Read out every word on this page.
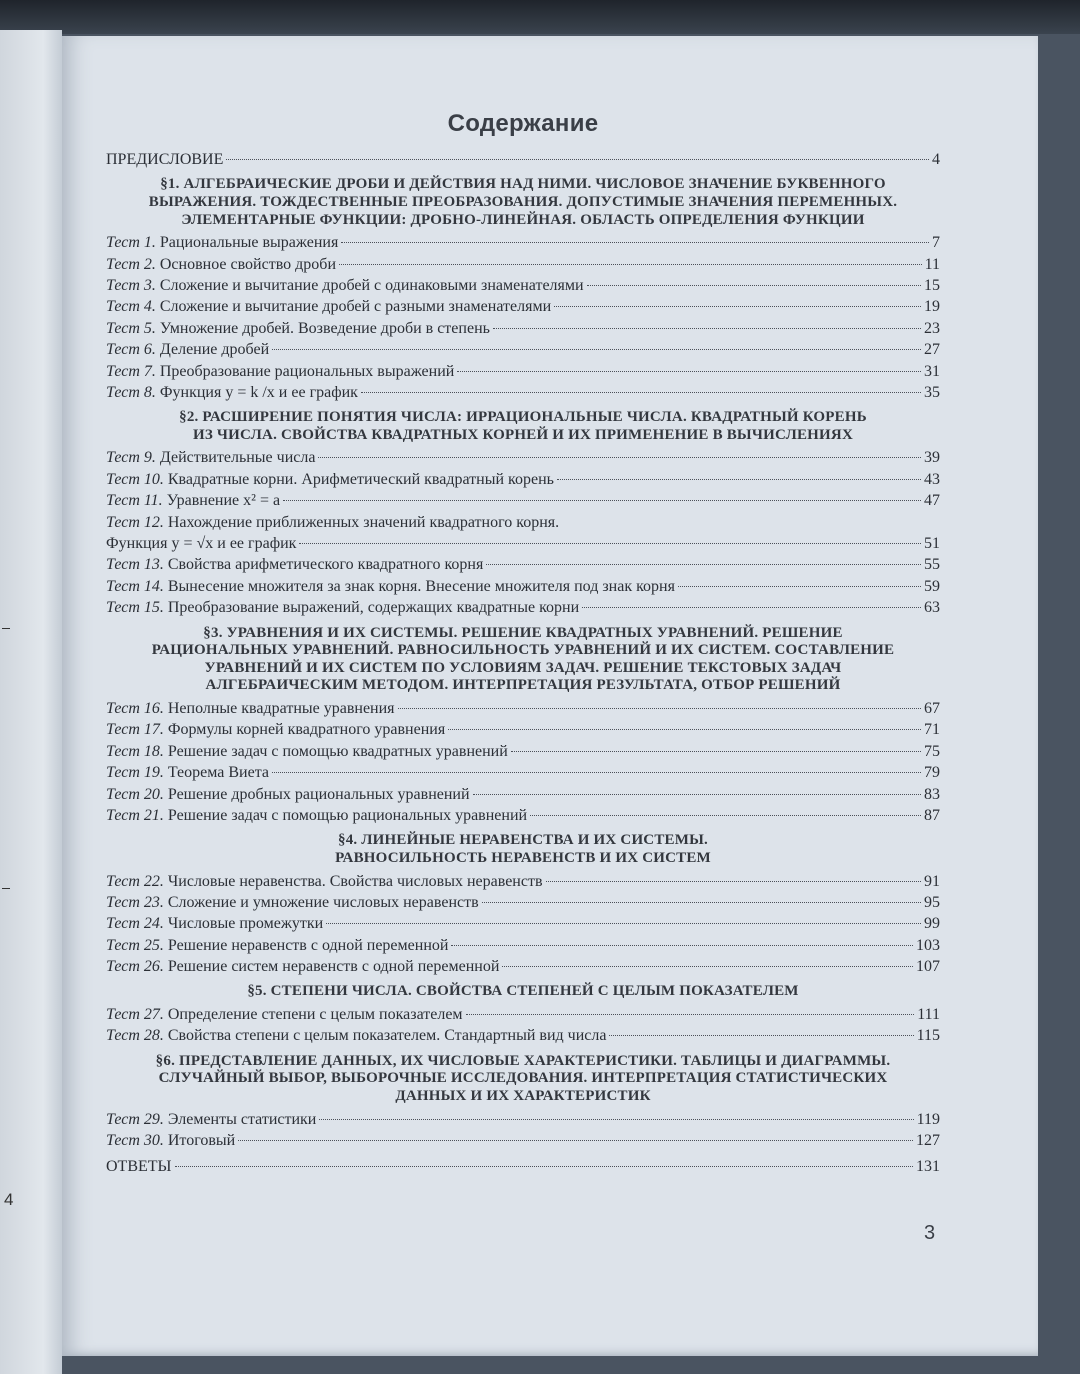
4
Содержание
ПРЕДИСЛОВИЕ	4
§1. АЛГЕБРАИЧЕСКИЕ ДРОБИ И ДЕЙСТВИЯ НАД НИМИ. ЧИСЛОВОЕ ЗНАЧЕНИЕ БУКВЕННОГО
ВЫРАЖЕНИЯ. ТОЖДЕСТВЕННЫЕ ПРЕОБРАЗОВАНИЯ. ДОПУСТИМЫЕ ЗНАЧЕНИЯ ПЕРЕМЕННЫХ.
ЭЛЕМЕНТАРНЫЕ ФУНКЦИИ: ДРОБНО-ЛИНЕЙНАЯ. ОБЛАСТЬ ОПРЕДЕЛЕНИЯ ФУНКЦИИ
Тест 1. Рациональные выражения	7
Тест 2. Основное свойство дроби	11
Тест 3. Сложение и вычитание дробей с одинаковыми знаменателями	15
Тест 4. Сложение и вычитание дробей с разными знаменателями	19
Тест 5. Умножение дробей. Возведение дроби в степень	23
Тест 6. Деление дробей	27
Тест 7. Преобразование рациональных выражений	31
Тест 8. Функция y = k /x и ее график	35
§2. РАСШИРЕНИЕ ПОНЯТИЯ ЧИСЛА: ИРРАЦИОНАЛЬНЫЕ ЧИСЛА. КВАДРАТНЫЙ КОРЕНЬ
ИЗ ЧИСЛА. СВОЙСТВА КВАДРАТНЫХ КОРНЕЙ И ИХ ПРИМЕНЕНИЕ В ВЫЧИСЛЕНИЯХ
Тест 9. Действительные числа	39
Тест 10. Квадратные корни. Арифметический квадратный корень	43
Тест 11. Уравнение x² = a	47
Тест 12. Нахождение приближенных значений квадратного корня.
Функция y = √x и ее график	51
Тест 13. Свойства арифметического квадратного корня	55
Тест 14. Вынесение множителя за знак корня. Внесение множителя под знак корня	59
Тест 15. Преобразование выражений, содержащих квадратные корни	63
§3. УРАВНЕНИЯ И ИХ СИСТЕМЫ. РЕШЕНИЕ КВАДРАТНЫХ УРАВНЕНИЙ. РЕШЕНИЕ
РАЦИОНАЛЬНЫХ УРАВНЕНИЙ. РАВНОСИЛЬНОСТЬ УРАВНЕНИЙ И ИХ СИСТЕМ. СОСТАВЛЕНИЕ
УРАВНЕНИЙ И ИХ СИСТЕМ ПО УСЛОВИЯМ ЗАДАЧ. РЕШЕНИЕ ТЕКСТОВЫХ ЗАДАЧ
АЛГЕБРАИЧЕСКИМ МЕТОДОМ. ИНТЕРПРЕТАЦИЯ РЕЗУЛЬТАТА, ОТБОР РЕШЕНИЙ
Тест 16. Неполные квадратные уравнения	67
Тест 17. Формулы корней квадратного уравнения	71
Тест 18. Решение задач с помощью квадратных уравнений	75
Тест 19. Теорема Виета	79
Тест 20. Решение дробных рациональных уравнений	83
Тест 21. Решение задач с помощью рациональных уравнений	87
§4. ЛИНЕЙНЫЕ НЕРАВЕНСТВА И ИХ СИСТЕМЫ.
РАВНОСИЛЬНОСТЬ НЕРАВЕНСТВ И ИХ СИСТЕМ
Тест 22. Числовые неравенства. Свойства числовых неравенств	91
Тест 23. Сложение и умножение числовых неравенств	95
Тест 24. Числовые промежутки	99
Тест 25. Решение неравенств с одной переменной	103
Тест 26. Решение систем неравенств с одной переменной	107
§5. СТЕПЕНИ ЧИСЛА. СВОЙСТВА СТЕПЕНЕЙ С ЦЕЛЫМ ПОКАЗАТЕЛЕМ
Тест 27. Определение степени с целым показателем	111
Тест 28. Свойства степени с целым показателем. Стандартный вид числа	115
§6. ПРЕДСТАВЛЕНИЕ ДАННЫХ, ИХ ЧИСЛОВЫЕ ХАРАКТЕРИСТИКИ. ТАБЛИЦЫ И ДИАГРАММЫ.
СЛУЧАЙНЫЙ ВЫБОР, ВЫБОРОЧНЫЕ ИССЛЕДОВАНИЯ. ИНТЕРПРЕТАЦИЯ СТАТИСТИЧЕСКИХ
ДАННЫХ И ИХ ХАРАКТЕРИСТИК
Тест 29. Элементы статистики	119
Тест 30. Итоговый	127
ОТВЕТЫ	131
3
